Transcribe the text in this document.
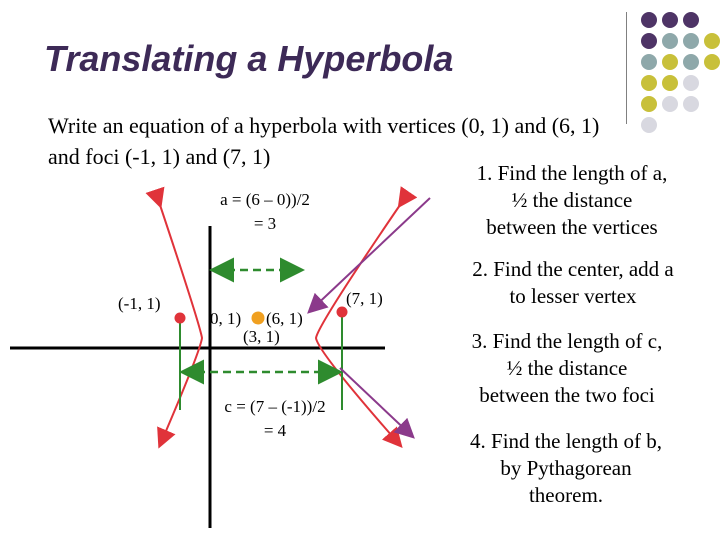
Translating a Hyperbola
Write an equation of a hyperbola with vertices (0, 1) and (6, 1)
and foci (-1, 1) and (7, 1)
1. Find the length of a,
½ the distance
between the vertices
2. Find the center, add a
to lesser vertex
3. Find the length of c,
½ the distance
between the two foci
4. Find the length of b,
by Pythagorean
theorem.
a = (6 – 0))/2
= 3
(-1, 1)	(7, 1)
0, 1) (6, 1)
(3, 1)
c = (7 – (-1))/2
= 4
